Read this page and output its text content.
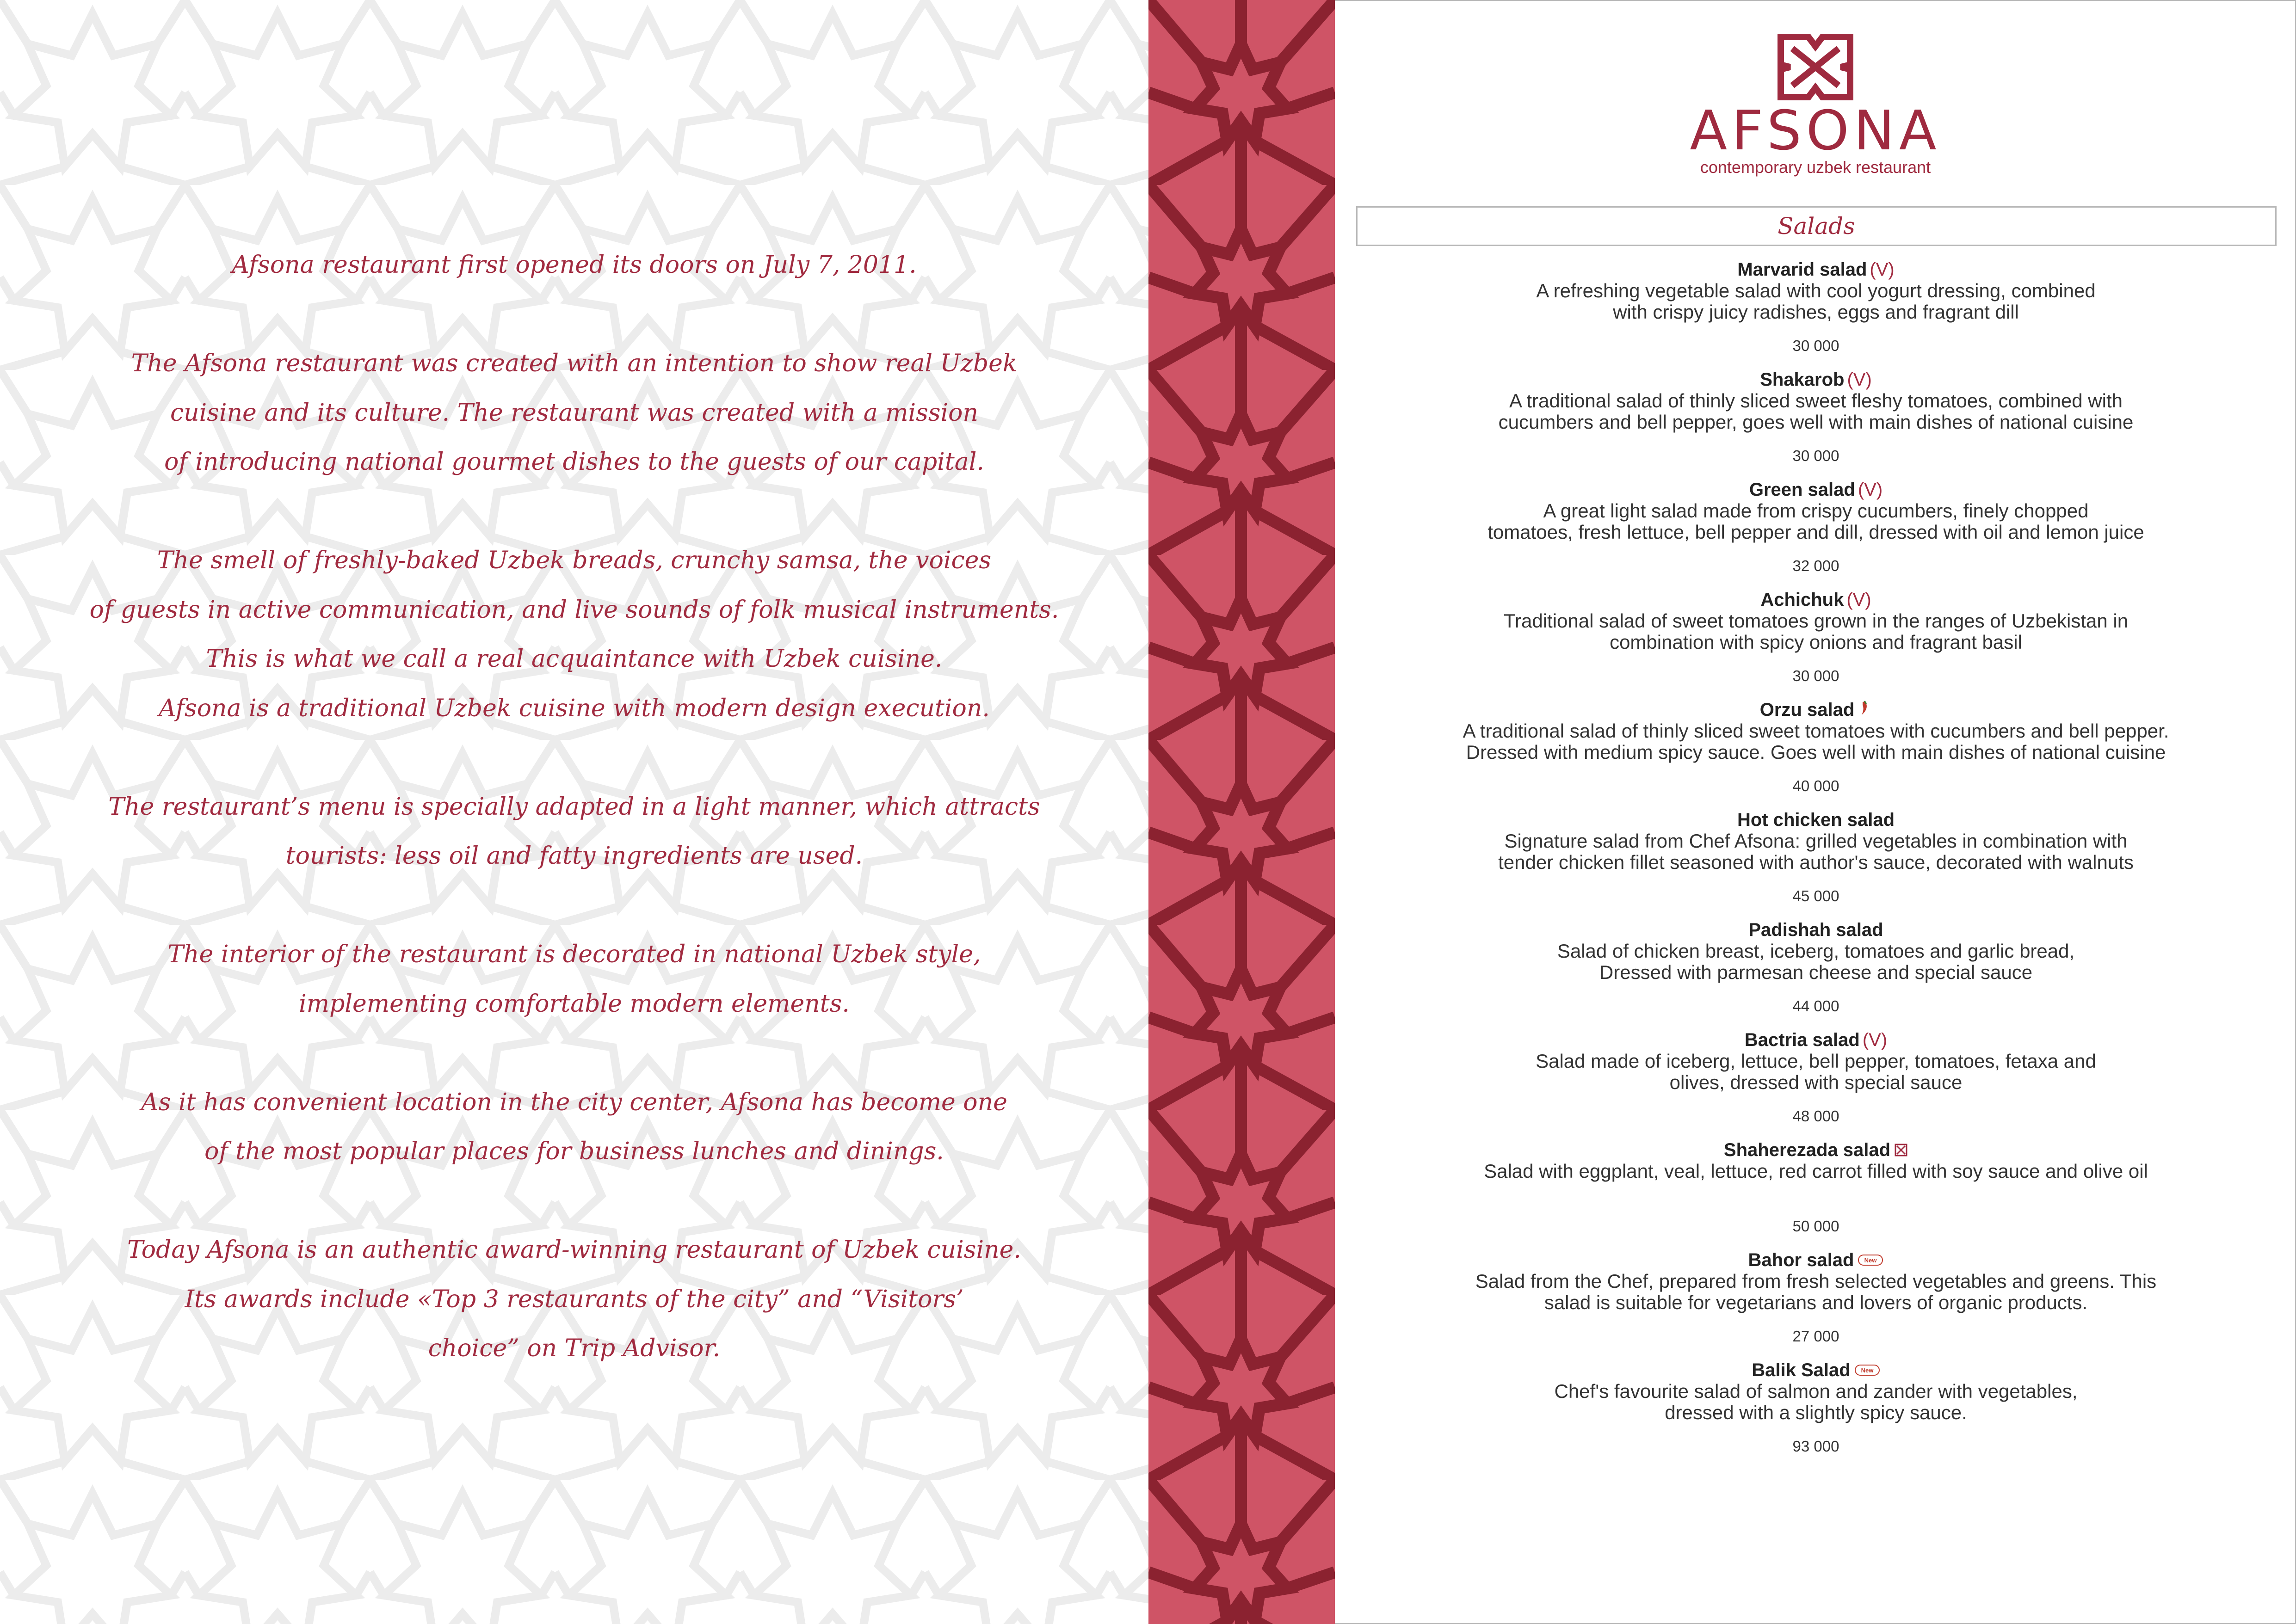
Afsona restaurant first opened its doors on July 7, 2011.
The Afsona restaurant was created with an intention to show real Uzbek
cuisine and its culture. The restaurant was created with a mission
of introducing national gourmet dishes to the guests of our capital.
The smell of freshly-baked Uzbek breads, crunchy samsa, the voices
of guests in active communication, and live sounds of folk musical instruments.
This is what we call a real acquaintance with Uzbek cuisine.
Afsona is a traditional Uzbek cuisine with modern design execution.
The restaurant’s menu is specially adapted in a light manner, which attracts
tourists: less oil and fatty ingredients are used.
The interior of the restaurant is decorated in national Uzbek style,
implementing comfortable modern elements.
As it has convenient location in the city center, Afsona has become one
of the most popular places for business lunches and dinings.
Today Afsona is an authentic award-winning restaurant of Uzbek cuisine.
Its awards include «Top 3 restaurants of the city” and “Visitors’
choice” on Trip Advisor.
AFSONA
contemporary uzbek restaurant
Salads
Marvarid salad (V)
A refreshing vegetable salad with cool yogurt dressing, combined
with crispy juicy radishes, eggs and fragrant dill
30 000
Shakarob (V)
A traditional salad of thinly sliced sweet fleshy tomatoes, combined with
cucumbers and bell pepper, goes well with main dishes of national cuisine
30 000
Green salad (V)
A great light salad made from crispy cucumbers, finely chopped
tomatoes, fresh lettuce, bell pepper and dill, dressed with oil and lemon juice
32 000
Achichuk (V)
Traditional salad of sweet tomatoes grown in the ranges of Uzbekistan in
combination with spicy onions and fragrant basil
30 000
Orzu salad
A traditional salad of thinly sliced sweet tomatoes with cucumbers and bell pepper.
Dressed with medium spicy sauce. Goes well with main dishes of national cuisine
40 000
Hot chicken salad
Signature salad from Chef Afsona: grilled vegetables in combination with
tender chicken fillet seasoned with author's sauce, decorated with walnuts
45 000
Padishah salad
Salad of chicken breast, iceberg, tomatoes and garlic bread,
Dressed with parmesan cheese and special sauce
44 000
Bactria salad (V)
Salad made of iceberg, lettuce, bell pepper, tomatoes, fetaxa and
olives, dressed with special sauce
48 000
Shaherezada salad
Salad with eggplant, veal, lettuce, red carrot filled with soy sauce and olive oil
50 000
Bahor salad New
Salad from the Chef, prepared from fresh selected vegetables and greens. This
salad is suitable for vegetarians and lovers of organic products.
27 000
Balik Salad New
Chef's favourite salad of salmon and zander with vegetables,
dressed with a slightly spicy sauce.
93 000
